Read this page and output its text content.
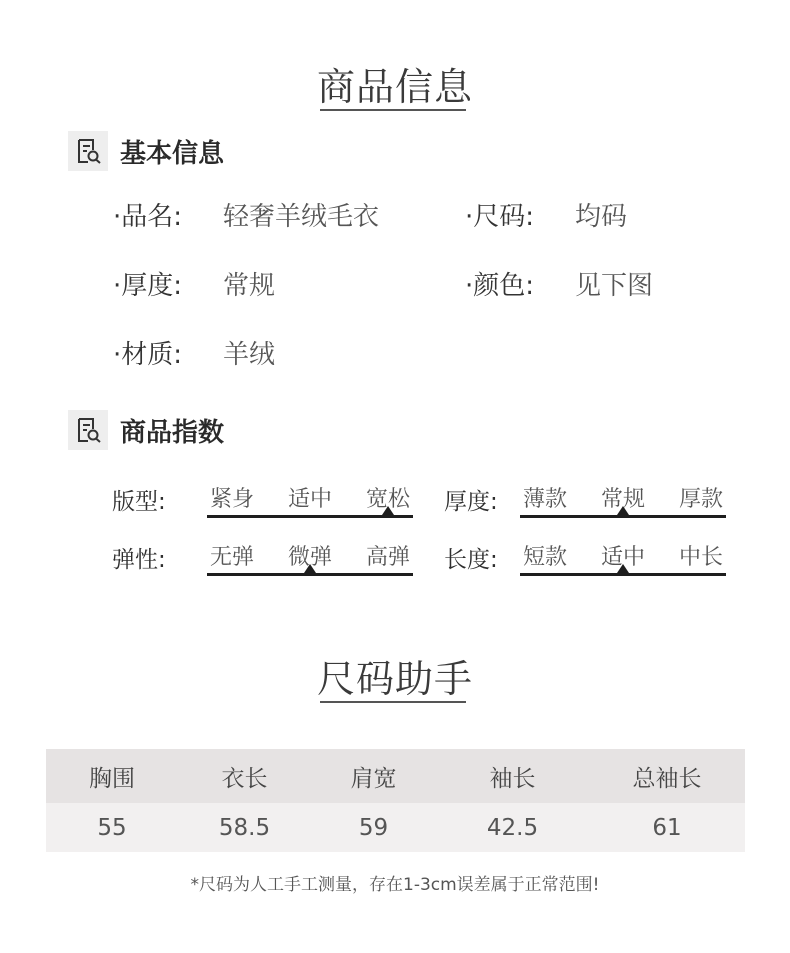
商品信息
基本信息
·品名:	轻奢羊绒毛衣	·尺码:	均码
·厚度:	常规	·颜色:	见下图
·材质:	羊绒
商品指数
版型: 紧身 适中 宽松 厚度: 薄款 常规 厚款
弹性: 无弹 微弹 高弹 长度: 短款 适中 中长
尺码助手
胸围	衣长	肩宽	袖长	总袖长
55	58.5	59	42.5	61
*尺码为人工手工测量，存在1-3cm误差属于正常范围!
